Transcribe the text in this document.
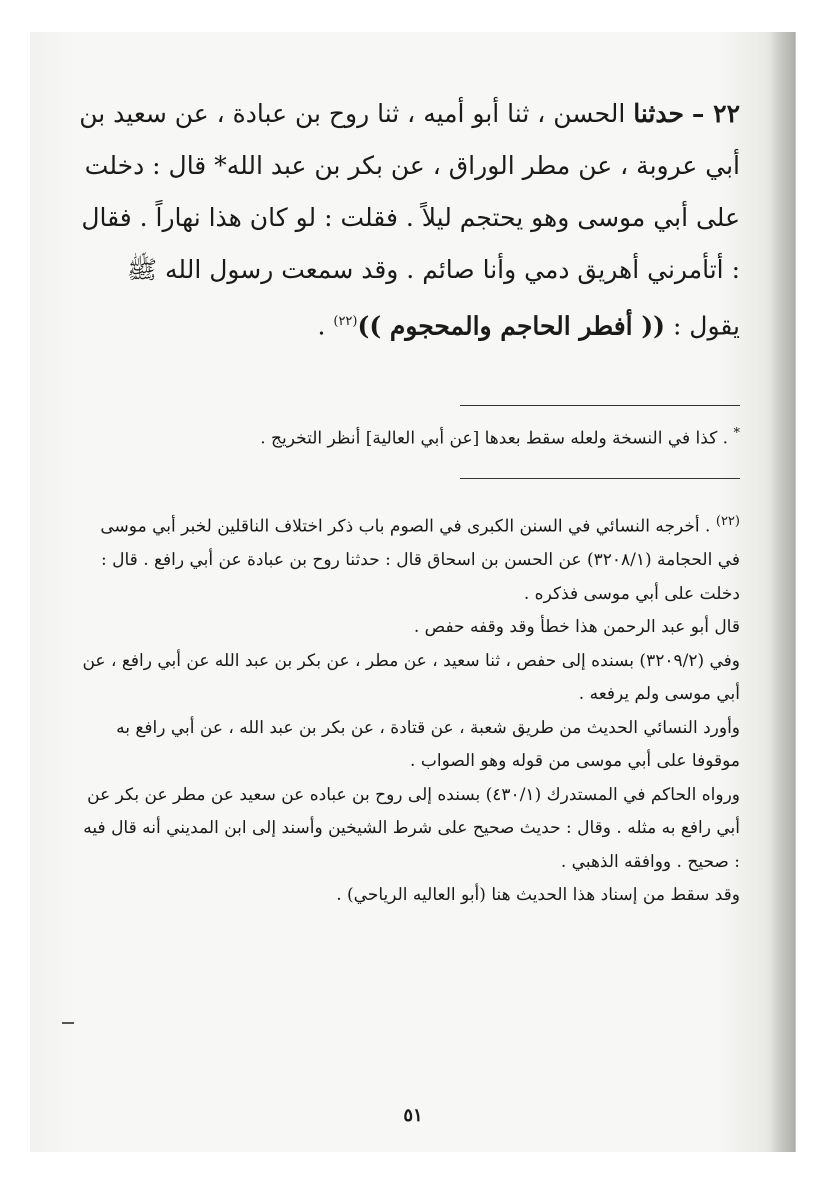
٢٢ – حدثنا الحسن ، ثنا أبو أميه ، ثنا روح بن عبادة ، عن سعيد بن أبي عروبة ، عن مطر الوراق ، عن بكر بن عبد الله* قال : دخلت على أبي موسى وهو يحتجم ليلاً . فقلت : لو كان هذا نهاراً . فقال : أتأمرني أهريق دمي وأنا صائم . وقد سمعت رسول الله ﷺ يقول : (( أفطر الحاجم والمحجوم ))$^{(٢٢)}$ .

* . كذا في النسخة ولعله سقط بعدها [عن أبي العالية] أنظر التخريج .

$^{(٢٢)}$ . أخرجه النسائي في السنن الكبرى في الصوم باب ذكر اختلاف الناقلين لخبر أبي موسى في الحجامة (٣٢٠٨/١) عن الحسن بن اسحاق قال : حدثنا روح بن عبادة عن أبي رافع . قال : دخلت على أبي موسى فذكره .

قال أبو عبد الرحمن هذا خطأ وقد وقفه حفص .

وفي (٣٢٠٩/٢) بسنده إلى حفص ، ثنا سعيد ، عن مطر ، عن بكر بن عبد الله عن أبي رافع ، عن أبي موسى ولم يرفعه .

وأورد النسائي الحديث من طريق شعبة ، عن قتادة ، عن بكر بن عبد الله ، عن أبي رافع به موقوفا على أبي موسى من قوله وهو الصواب .

ورواه الحاكم في المستدرك (٤٣٠/١) بسنده إلى روح بن عباده عن سعيد عن مطر عن بكر عن أبي رافع به مثله . وقال : حديث صحيح على شرط الشيخين وأسند إلى ابن المديني أنه قال فيه : صحيح . ووافقه الذهبي .

وقد سقط من إسناد هذا الحديث هنا (أبو العاليه الرياحي) .

٥١
